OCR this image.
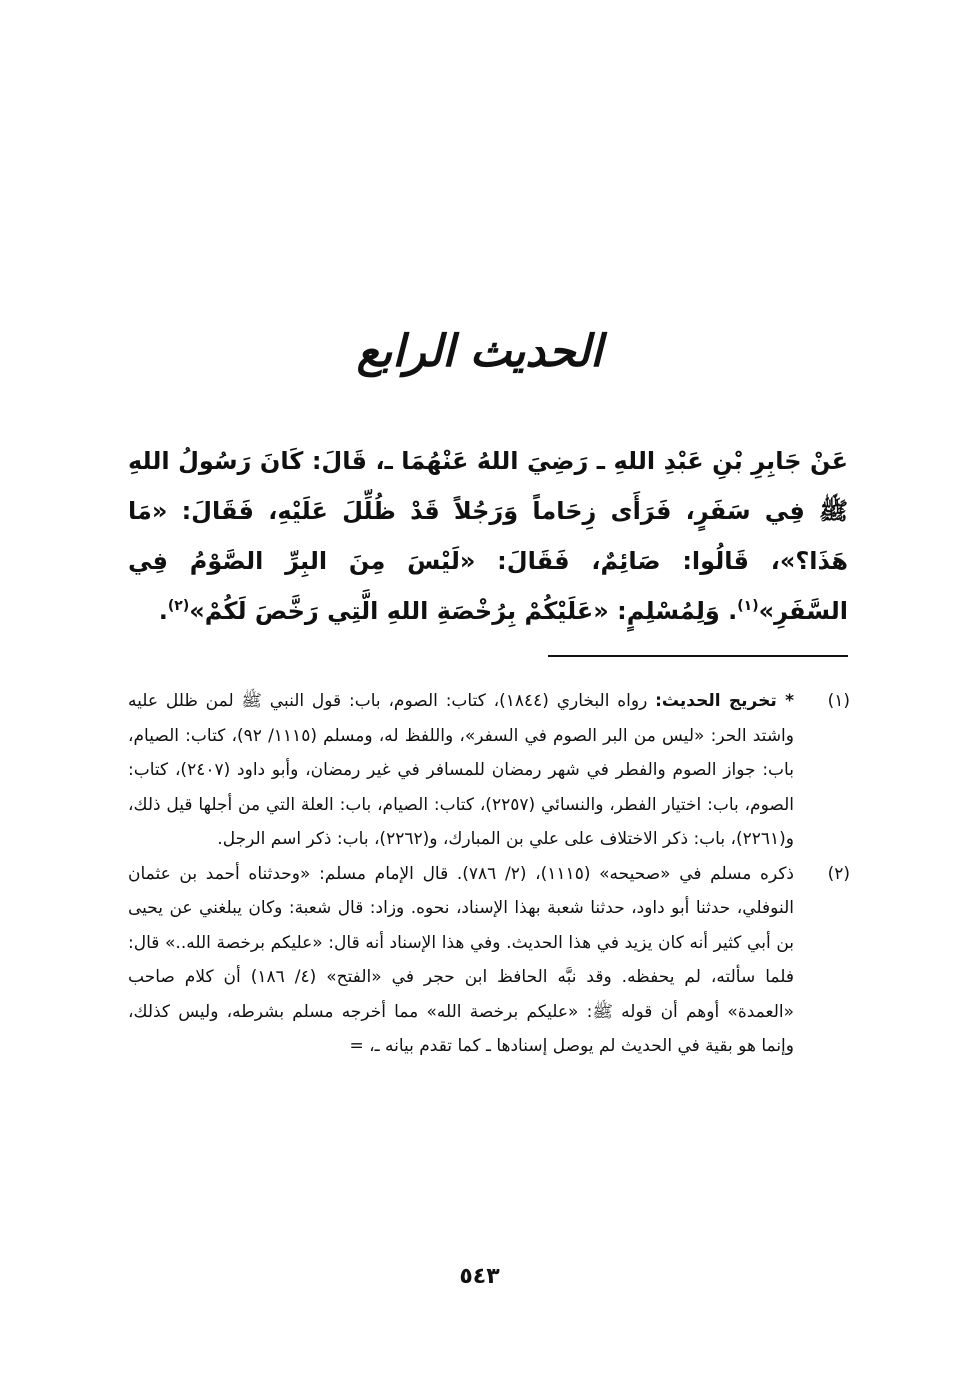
الحديث الرابع

عَنْ جَابِرِ بْنِ عَبْدِ اللهِ ـ رَضِيَ اللهُ عَنْهُمَا ـ، قَالَ: كَانَ رَسُولُ اللهِ ﷺ فِي سَفَرٍ، فَرَأَى زِحَاماً وَرَجُلاً قَدْ ظُلِّلَ عَلَيْهِ، فَقَالَ: «مَا هَذَا؟»، قَالُوا: صَائِمٌ، فَقَالَ: «لَيْسَ مِنَ البِرِّ الصَّوْمُ فِي السَّفَرِ»$^{(١)}$. وَلِمُسْلِمٍ: «عَلَيْكُمْ بِرُخْصَةِ اللهِ الَّتِي رَخَّصَ لَكُمْ»$^{(٢)}$.

(١)
* تخريج الحديث: رواه البخاري (١٨٤٤)، كتاب: الصوم، باب: قول النبي ﷺ لمن ظلل عليه واشتد الحر: «ليس من البر الصوم في السفر»، واللفظ له، ومسلم (١١١٥/ ٩٢)، كتاب: الصيام، باب: جواز الصوم والفطر في شهر رمضان للمسافر في غير رمضان، وأبو داود (٢٤٠٧)، كتاب: الصوم، باب: اختيار الفطر، والنسائي (٢٢٥٧)، كتاب: الصيام، باب: العلة التي من أجلها قيل ذلك، و(٢٢٦١)، باب: ذكر الاختلاف على علي بن المبارك، و(٢٢٦٢)، باب: ذكر اسم الرجل.
(٢)
ذكره مسلم في «صحيحه» (١١١٥)، (٢/ ٧٨٦). قال الإمام مسلم: «وحدثناه أحمد بن عثمان النوفلي، حدثنا أبو داود، حدثنا شعبة بهذا الإسناد، نحوه. وزاد: قال شعبة: وكان يبلغني عن يحيى بن أبي كثير أنه كان يزيد في هذا الحديث. وفي هذا الإسناد أنه قال: «عليكم برخصة الله..» قال: فلما سألته، لم يحفظه. وقد نبَّه الحافظ ابن حجر في «الفتح» (٤/ ١٨٦) أن كلام صاحب «العمدة» أوهم أن قوله ﷺ: «عليكم برخصة الله» مما أخرجه مسلم بشرطه، وليس كذلك، وإنما هو بقية في الحديث لم يوصل إسنادها ـ كما تقدم بيانه ـ، =
٥٤٣
